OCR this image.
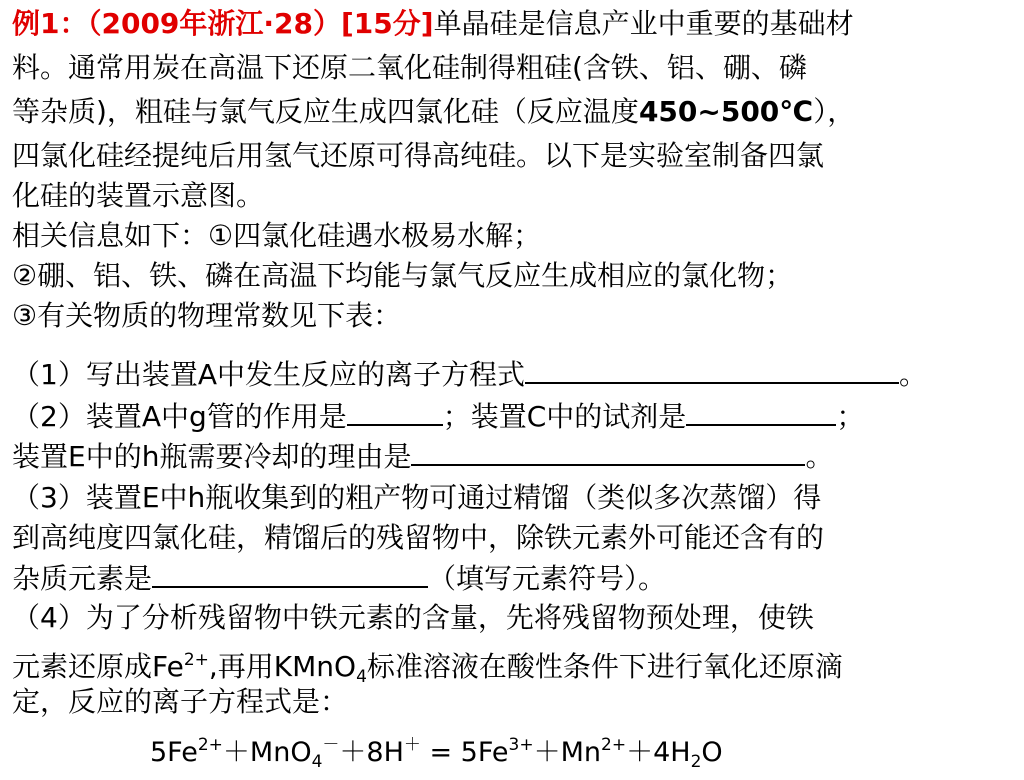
例1：（2009年浙江·28）[15分]单晶硅是信息产业中重要的基础材
料。通常用炭在高温下还原二氧化硅制得粗硅(含铁、铝、硼、磷
等杂质)，粗硅与氯气反应生成四氯化硅（反应温度450~500℃），
四氯化硅经提纯后用氢气还原可得高纯硅。以下是实验室制备四氯
化硅的装置示意图。
相关信息如下：①四氯化硅遇水极易水解；
②硼、铝、铁、磷在高温下均能与氯气反应生成相应的氯化物；
③有关物质的物理常数见下表：
（1）写出装置A中发生反应的离子方程式	。
（2）装置A中g管的作用是	；装置C中的试剂是	；
装置E中的h瓶需要冷却的理由是	。
（3）装置E中h瓶收集到的粗产物可通过精馏（类似多次蒸馏）得
到高纯度四氯化硅，精馏后的残留物中，除铁元素外可能还含有的
杂质元素是	（填写元素符号）。
（4）为了分析残留物中铁元素的含量，先将残留物预处理，使铁
元素还原成$Fe^{2+}$,再用KMnO$_4$标准溶液在酸性条件下进行氧化还原滴
定，反应的离子方程式是：
$5Fe^{2+}+MnO_4^-+8H^+ = 5Fe^{3+}+Mn^{2+}+4H_2O$
